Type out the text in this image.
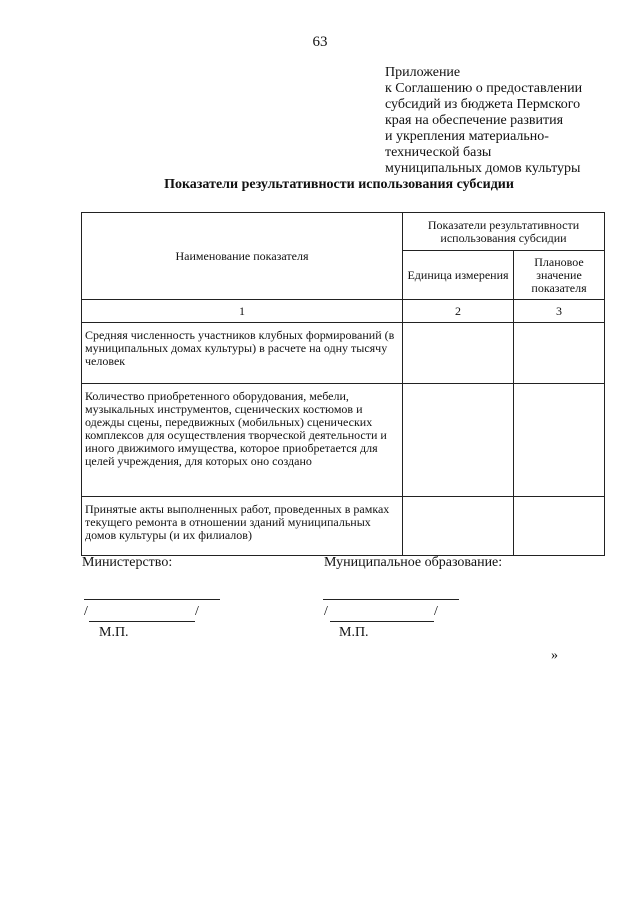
63
Приложение
к Соглашению о предоставлении
субсидий из бюджета Пермского
края на обеспечение развития
и укрепления материально-
технической базы
муниципальных домов культуры
Показатели результативности использования субсидии
Наименование показателя	Показатели результативности использования субсидии	
	Единица измерения	Плановое значение показателя
1	2	3
Средняя численность участников клубных формирований (в муниципальных домах культуры) в расчете на одну тысячу человек		
Количество приобретенного оборудования, мебели, музыкальных инструментов, сценических костюмов и одежды сцены, передвижных (мобильных) сценических комплексов для осуществления творческой деятельности и иного движимого имущества, которое приобретается для целей учреждения, для которых оно создано		
Принятые акты выполненных работ, проведенных в рамках текущего ремонта в отношении зданий муниципальных домов культуры (и их филиалов)		
Министерство:
/	/
М.П.
Муниципальное образование:
/	/
М.П.
»
